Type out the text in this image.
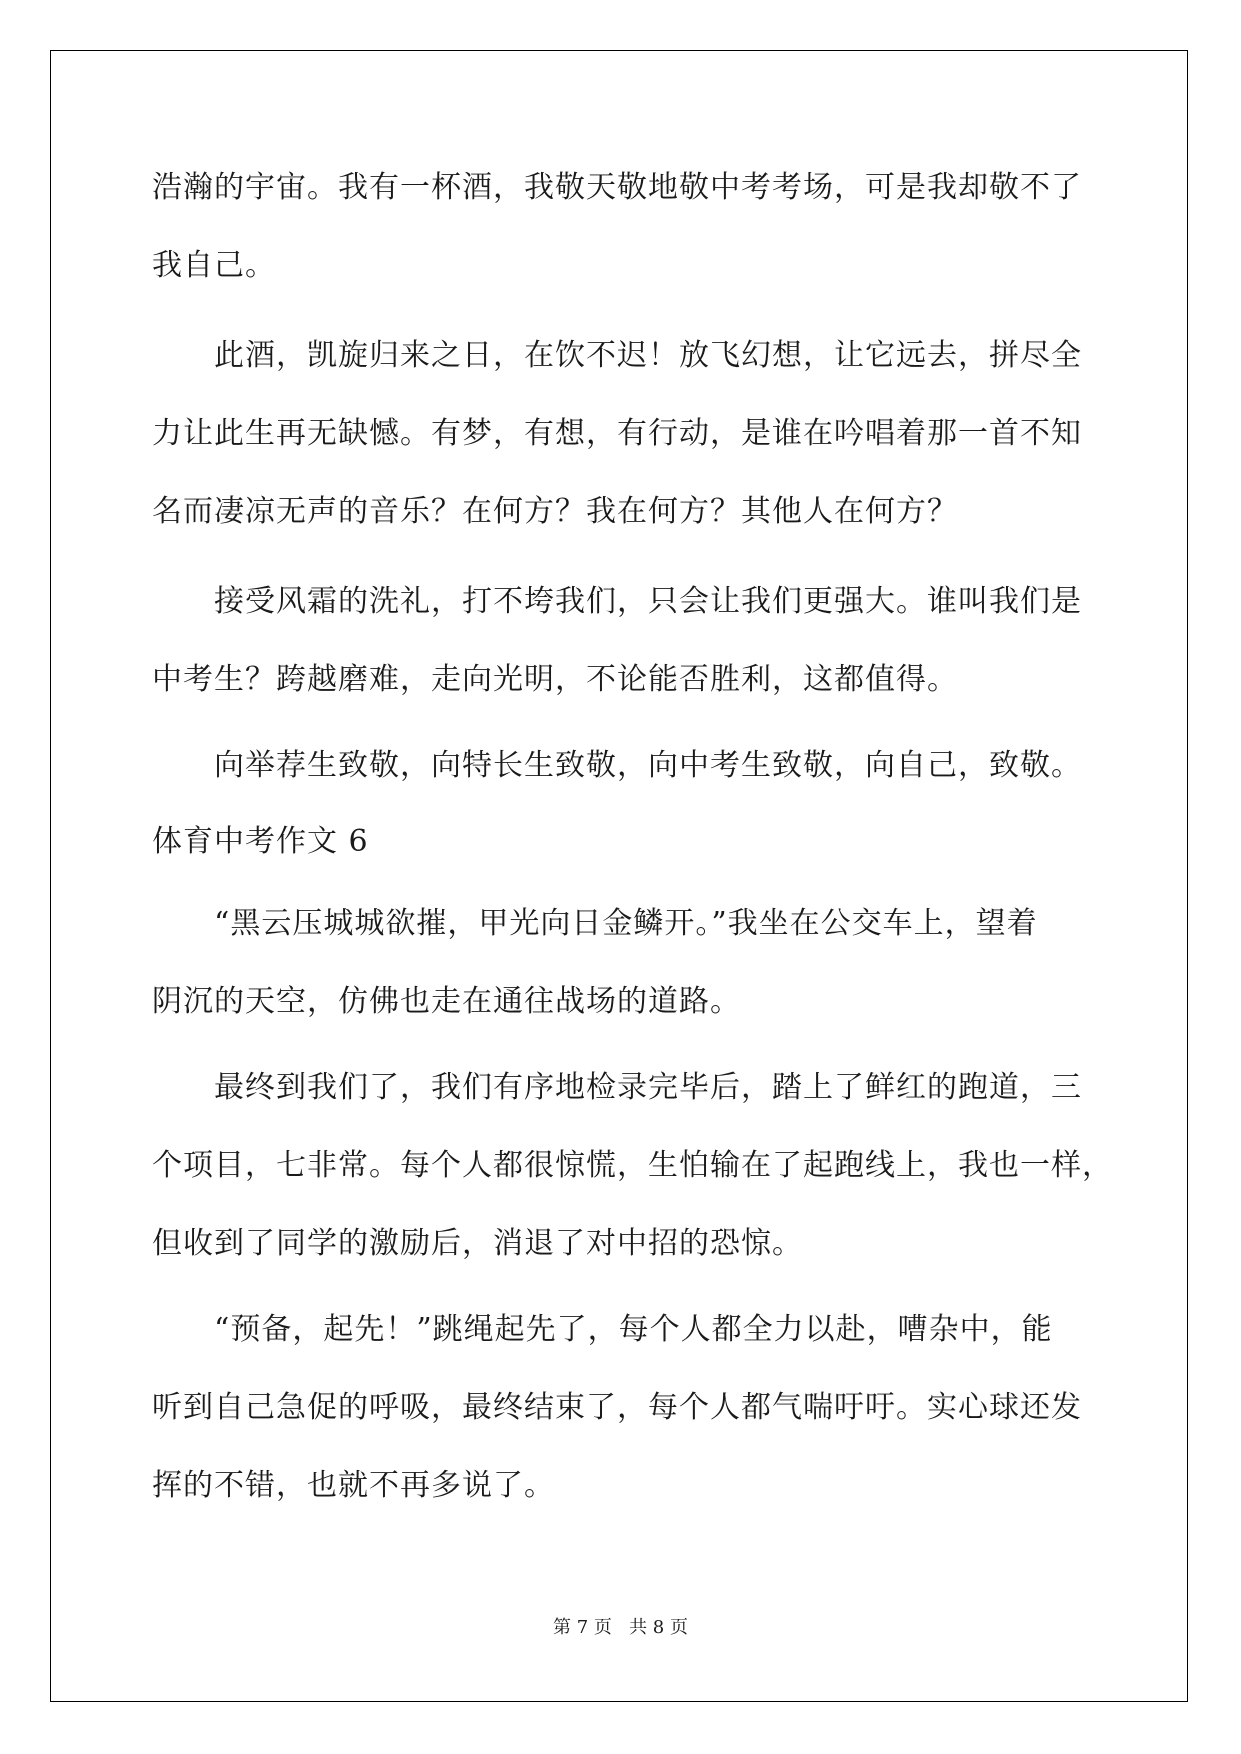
浩瀚的宇宙。我有一杯酒，我敬天敬地敬中考考场，可是我却敬不了
我自己。
此酒，凯旋归来之日，在饮不迟！放飞幻想，让它远去，拼尽全
力让此生再无缺憾。有梦，有想，有行动，是谁在吟唱着那一首不知
名而凄凉无声的音乐？在何方？我在何方？其他人在何方？
接受风霜的洗礼，打不垮我们，只会让我们更强大。谁叫我们是
中考生？跨越磨难，走向光明，不论能否胜利，这都值得。
向举荐生致敬，向特长生致敬，向中考生致敬，向自己，致敬。
体育中考作文 6
“黑云压城城欲摧，甲光向日金鳞开。”我坐在公交车上，望着
阴沉的天空，仿佛也走在通往战场的道路。
最终到我们了，我们有序地检录完毕后，踏上了鲜红的跑道，三
个项目，七非常。每个人都很惊慌，生怕输在了起跑线上，我也一样，
但收到了同学的激励后，消退了对中招的恐惊。
“预备，起先！”跳绳起先了，每个人都全力以赴，嘈杂中，能
听到自己急促的呼吸，最终结束了，每个人都气喘吁吁。实心球还发
挥的不错，也就不再多说了。
第 7 页   共 8 页
